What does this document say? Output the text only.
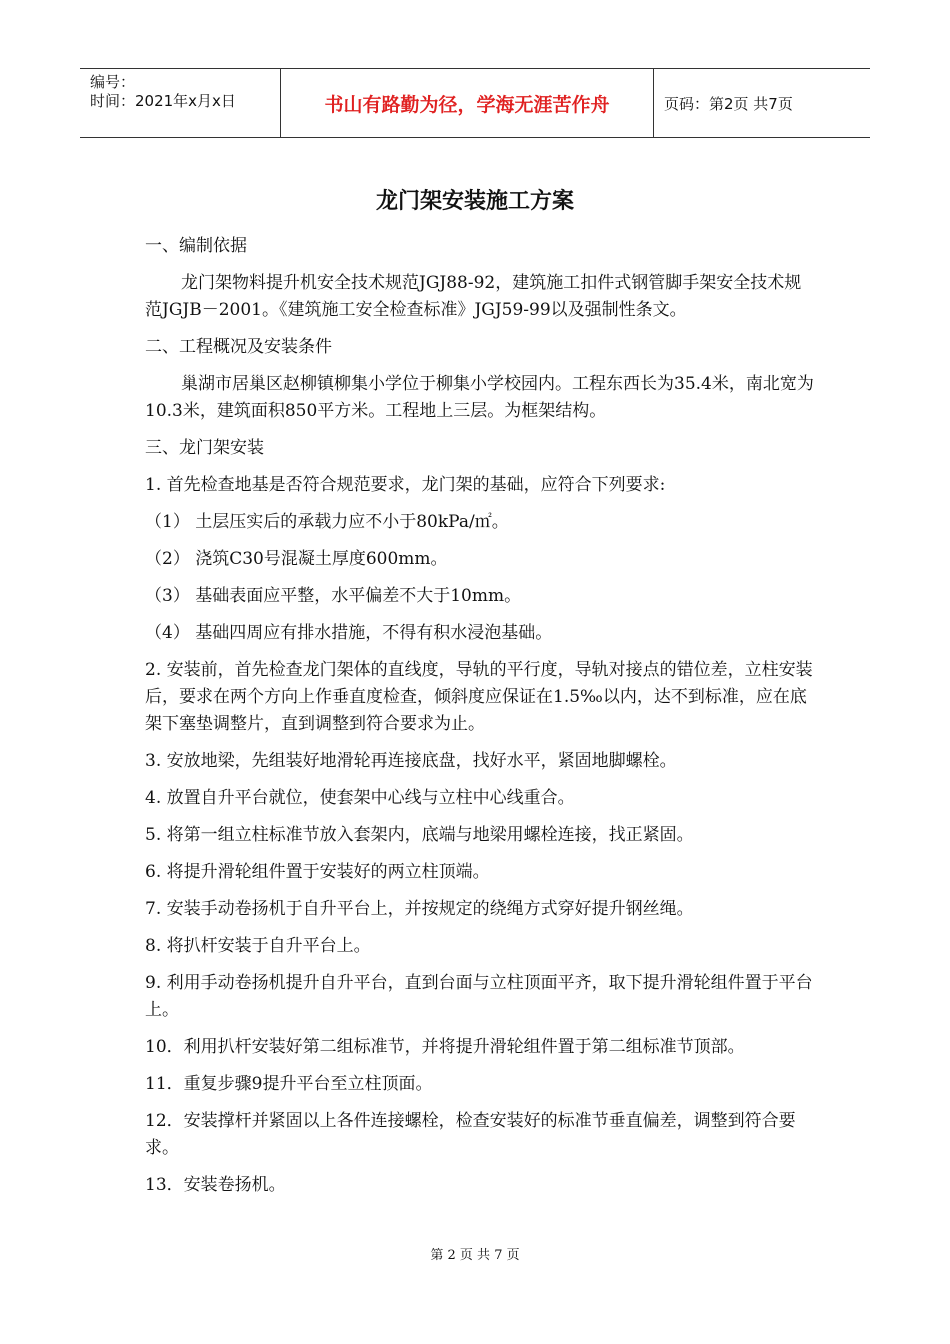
编号：
时间：2021年x月x日	书山有路勤为径，学海无涯苦作舟	页码：第2页 共7页
龙门架安装施工方案

一、编制依据

龙门架物料提升机安全技术规范JGJ88-92，建筑施工扣件式钢管脚手架安全技术规范JGJB－2001。《建筑施工安全检查标准》JGJ59-99以及强制性条文。

二、工程概况及安装条件

巢湖市居巢区赵柳镇柳集小学位于柳集小学校园内。工程东西长为35.4米，南北宽为10.3米，建筑面积850平方米。工程地上三层。为框架结构。

三、龙门架安装

1. 首先检查地基是否符合规范要求，龙门架的基础，应符合下列要求:

（1） 土层压实后的承载力应不小于80kPa/㎡。

（2） 浇筑C30号混凝土厚度600mm。

（3） 基础表面应平整，水平偏差不大于10mm。

（4） 基础四周应有排水措施，不得有积水浸泡基础。

2. 安装前，首先检查龙门架体的直线度，导轨的平行度，导轨对接点的错位差，立柱安装后，要求在两个方向上作垂直度检查，倾斜度应保证在1.5‰以内，达不到标准，应在底架下塞垫调整片，直到调整到符合要求为止。

3. 安放地梁，先组装好地滑轮再连接底盘，找好水平，紧固地脚螺栓。

4. 放置自升平台就位，使套架中心线与立柱中心线重合。

5. 将第一组立柱标准节放入套架内，底端与地梁用螺栓连接，找正紧固。

6. 将提升滑轮组件置于安装好的两立柱顶端。

7. 安装手动卷扬机于自升平台上，并按规定的绕绳方式穿好提升钢丝绳。

8. 将扒杆安装于自升平台上。

9. 利用手动卷扬机提升自升平台，直到台面与立柱顶面平齐，取下提升滑轮组件置于平台上。

10．利用扒杆安装好第二组标准节，并将提升滑轮组件置于第二组标准节顶部。

11．重复步骤9提升平台至立柱顶面。

12．安装撑杆并紧固以上各件连接螺栓，检查安装好的标准节垂直偏差，调整到符合要求。

13．安装卷扬机。

第 2 页 共 7 页
